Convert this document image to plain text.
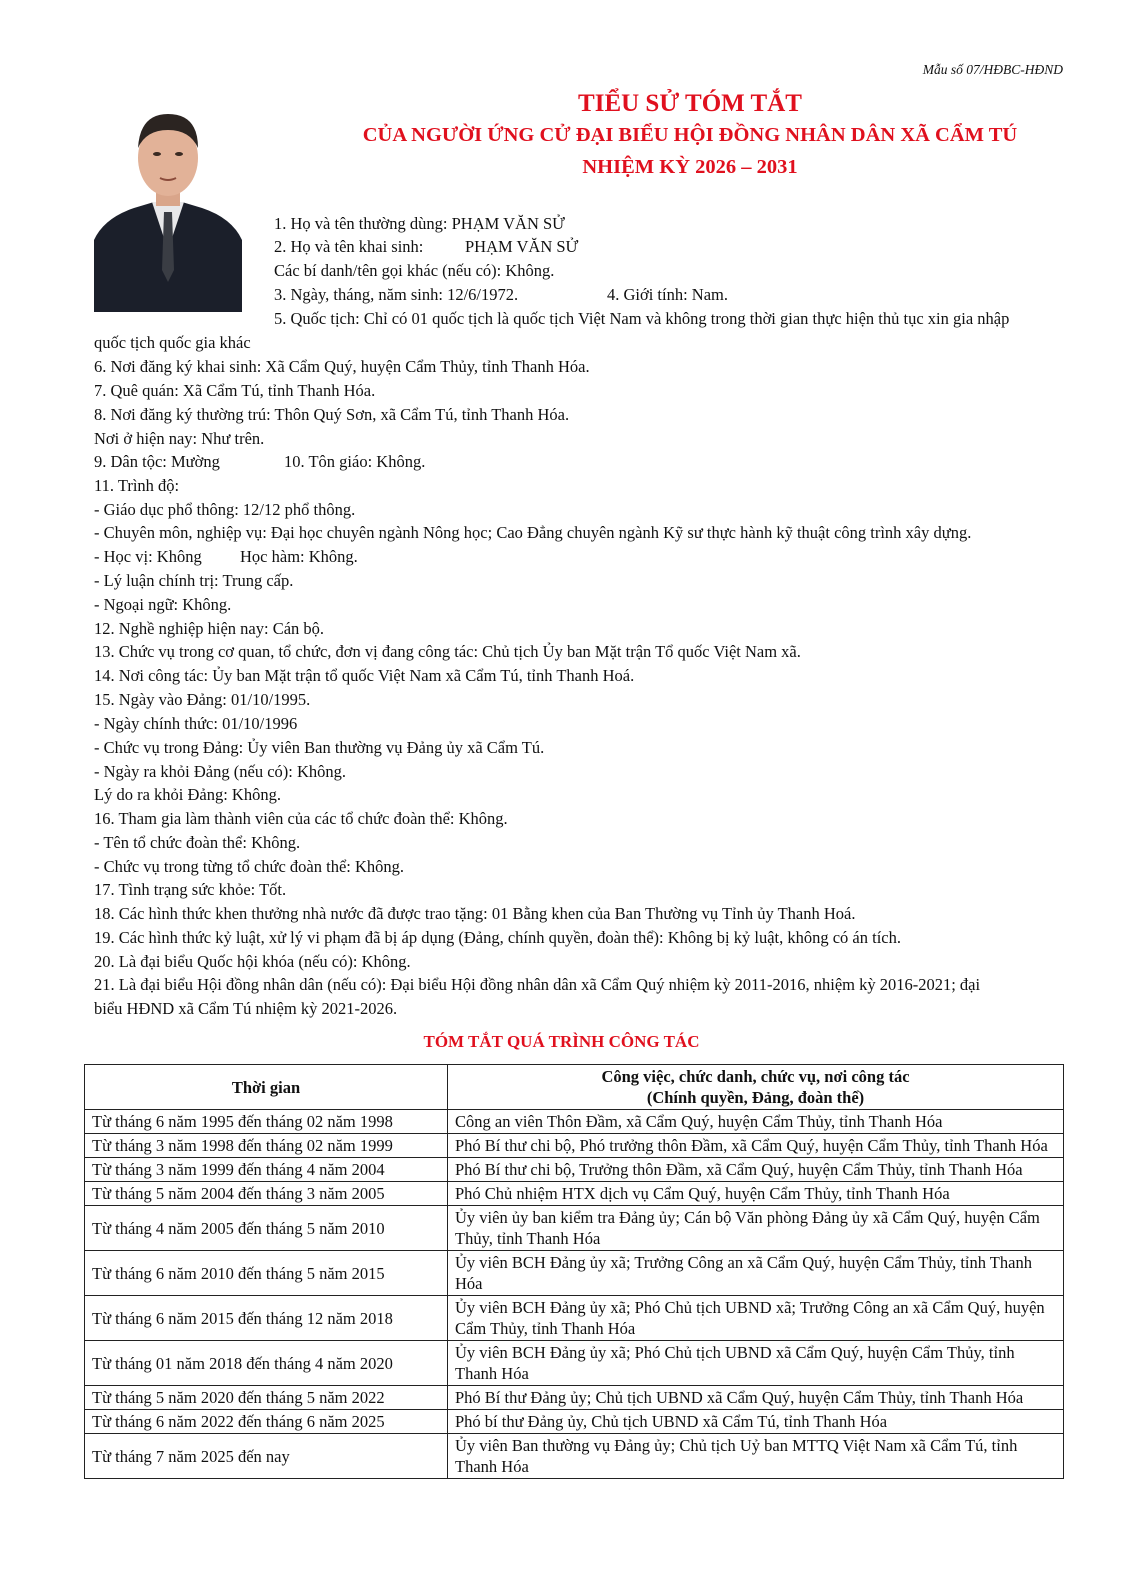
Mẫu số 07/HĐBC-HĐND
TIỂU SỬ TÓM TẮT
CỦA NGƯỜI ỨNG CỬ ĐẠI BIỂU HỘI ĐỒNG NHÂN DÂN XÃ CẨM TÚ
NHIỆM KỲ 2026 – 2031
1. Họ và tên thường dùng: PHẠM VĂN SỬ
2. Họ và tên khai sinh:	PHẠM VĂN SỬ
Các bí danh/tên gọi khác (nếu có): Không.
3. Ngày, tháng, năm sinh: 12/6/1972.	4. Giới tính: Nam.
5. Quốc tịch: Chỉ có 01 quốc tịch là quốc tịch Việt Nam và không trong thời gian thực hiện thủ tục xin gia nhập
quốc tịch quốc gia khác
6. Nơi đăng ký khai sinh: Xã Cẩm Quý, huyện Cẩm Thủy, tỉnh Thanh Hóa.
7. Quê quán: Xã Cẩm Tú, tỉnh Thanh Hóa.
8. Nơi đăng ký thường trú: Thôn Quý Sơn, xã Cẩm Tú, tỉnh Thanh Hóa.
Nơi ở hiện nay: Như trên.
9. Dân tộc: Mường	10. Tôn giáo: Không.
11. Trình độ:
- Giáo dục phổ thông: 12/12 phổ thông.
- Chuyên môn, nghiệp vụ: Đại học chuyên ngành Nông học; Cao Đẳng chuyên ngành Kỹ sư thực hành kỹ thuật công trình xây dựng.
- Học vị: Không Học hàm: Không.
- Lý luận chính trị: Trung cấp.
- Ngoại ngữ: Không.
12. Nghề nghiệp hiện nay: Cán bộ.
13. Chức vụ trong cơ quan, tổ chức, đơn vị đang công tác: Chủ tịch Ủy ban Mặt trận Tổ quốc Việt Nam xã.
14. Nơi công tác: Ủy ban Mặt trận tổ quốc Việt Nam xã Cẩm Tú, tỉnh Thanh Hoá.
15. Ngày vào Đảng: 01/10/1995.
- Ngày chính thức: 01/10/1996
- Chức vụ trong Đảng: Ủy viên Ban thường vụ Đảng ủy xã Cẩm Tú.
- Ngày ra khỏi Đảng (nếu có): Không.
Lý do ra khỏi Đảng: Không.
16. Tham gia làm thành viên của các tổ chức đoàn thể: Không.
- Tên tổ chức đoàn thể: Không.
- Chức vụ trong từng tổ chức đoàn thể: Không.
17. Tình trạng sức khỏe: Tốt.
18. Các hình thức khen thưởng nhà nước đã được trao tặng: 01 Bằng khen của Ban Thường vụ Tỉnh ủy Thanh Hoá.
19. Các hình thức kỷ luật, xử lý vi phạm đã bị áp dụng (Đảng, chính quyền, đoàn thể): Không bị kỷ luật, không có án tích.
20. Là đại biểu Quốc hội khóa (nếu có): Không.
21. Là đại biểu Hội đồng nhân dân (nếu có): Đại biểu Hội đồng nhân dân xã Cẩm Quý nhiệm kỳ 2011-2016, nhiệm kỳ 2016-2021; đại
biểu HĐND xã Cẩm Tú nhiệm kỳ 2021-2026.
TÓM TẮT QUÁ TRÌNH CÔNG TÁC
Thời gian	Công việc, chức danh, chức vụ, nơi công tác
(Chính quyền, Đảng, đoàn thể)

Từ tháng 6 năm 1995 đến tháng 02 năm 1998	Công an viên Thôn Đầm, xã Cẩm Quý, huyện Cẩm Thủy, tỉnh Thanh Hóa
Từ tháng 3 năm 1998 đến tháng 02 năm 1999	Phó Bí thư chi bộ, Phó trưởng thôn Đầm, xã Cẩm Quý, huyện Cẩm Thủy, tỉnh Thanh Hóa
Từ tháng 3 năm 1999 đến tháng 4 năm 2004	Phó Bí thư chi bộ, Trưởng thôn Đầm, xã Cẩm Quý, huyện Cẩm Thủy, tỉnh Thanh Hóa
Từ tháng 5 năm 2004 đến tháng 3 năm 2005	Phó Chủ nhiệm HTX dịch vụ Cẩm Quý, huyện Cẩm Thủy, tỉnh Thanh Hóa
Từ tháng 4 năm 2005 đến tháng 5 năm 2010	Ủy viên ủy ban kiểm tra Đảng ủy; Cán bộ Văn phòng Đảng ủy xã Cẩm Quý, huyện Cẩm Thủy, tỉnh Thanh Hóa
Từ tháng 6 năm 2010 đến tháng 5 năm 2015	Ủy viên BCH Đảng ủy xã; Trưởng Công an xã Cẩm Quý, huyện Cẩm Thủy, tỉnh Thanh Hóa
Từ tháng 6 năm 2015 đến tháng 12 năm 2018	Ủy viên BCH Đảng ủy xã; Phó Chủ tịch UBND xã; Trưởng Công an xã Cẩm Quý, huyện Cẩm Thủy, tỉnh Thanh Hóa
Từ tháng 01 năm 2018 đến tháng 4 năm 2020	Ủy viên BCH Đảng ủy xã; Phó Chủ tịch UBND xã Cẩm Quý, huyện Cẩm Thủy, tỉnh Thanh Hóa
Từ tháng 5 năm 2020 đến tháng 5 năm 2022	Phó Bí thư Đảng ủy; Chủ tịch UBND xã Cẩm Quý, huyện Cẩm Thủy, tỉnh Thanh Hóa
Từ tháng 6 năm 2022 đến tháng 6 năm 2025	Phó bí thư Đảng ủy, Chủ tịch UBND xã Cẩm Tú, tỉnh Thanh Hóa
Từ tháng 7 năm 2025 đến nay	Ủy viên Ban thường vụ Đảng ủy; Chủ tịch Uỷ ban MTTQ Việt Nam xã Cẩm Tú, tỉnh Thanh Hóa
